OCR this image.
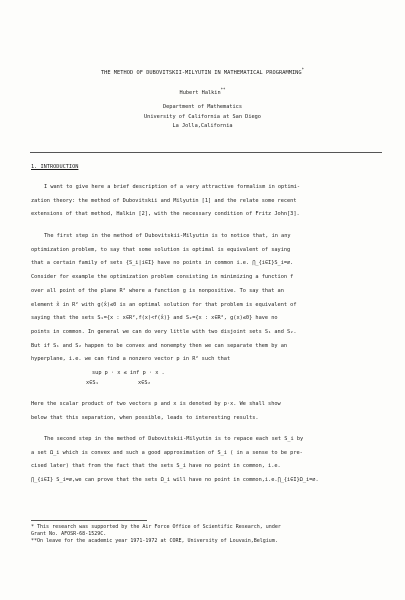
THE METHOD OF DUBOVITSKII-MILYUTIN IN MATHEMATICAL PROGRAMMING*
Hubert Halkin**
Department of Mathematics
University of California at San Diego
La Jolla,California
1. INTRODUCTION

I want to give here a brief description of a very attractive formalism in optimi-
zation theory: the method of Dubovitskii and Milyutin [1] and the relate some recent
extensions of that method, Halkin [2], with the necessary condition of Fritz John[3].

The first step in the method of Dubovitskii-Milyutin is to notice that, in any
optimization problem, to say that some solution is optimal is equivalent of saying
that a certain family of sets {S_i|i∈I} have no points in common i.e. ⋂_{i∈I}S_i=∅.
Consider for example the optimization problem consisting in minimizing a function f
over all point of the plane R² where a function g is nonpositive. To say that an
element x̂ in R² with g(x̂)≤0 is an optimal solution for that problem is equivalent of
saying that the sets S₁={x : x∈R²,f(x)<f(x̂)} and S₂={x : x∈R², g(x)≤0} have no
points in common. In general we can do very little with two disjoint sets S₁ and S₂.
But if S₁ and S₂ happen to be convex and nonempty then we can separate them by an
hyperplane, i.e. we can find a nonzero vector p in R² such that

sup p · x ≤ inf p · x .
x∈S₁	x∈S₂

Here the scalar product of two vectors p and x is denoted by p·x. We shall show
below that this separation, when possible, leads to interesting results.

The second step in the method of Dubovitskii-Milyutin is to repace each set S_i by
a set Ω_i which is convex and such a good approximation of S_i ( in a sense to be pre-
cised later) that from the fact that the sets S_i have no point in common, i.e.
⋂_{i∈I} S_i=∅,we can prove that the sets Ω_i will have no point in common,i.e.⋂_{i∈I}Ω_i=∅.

* This research was supported by the Air Force Office of Scientific Research, under
Grant No. AFOSR-68-1529C.
**On leave for the academic year 1971-1972 at CORE, University of Louvain,Belgium.
